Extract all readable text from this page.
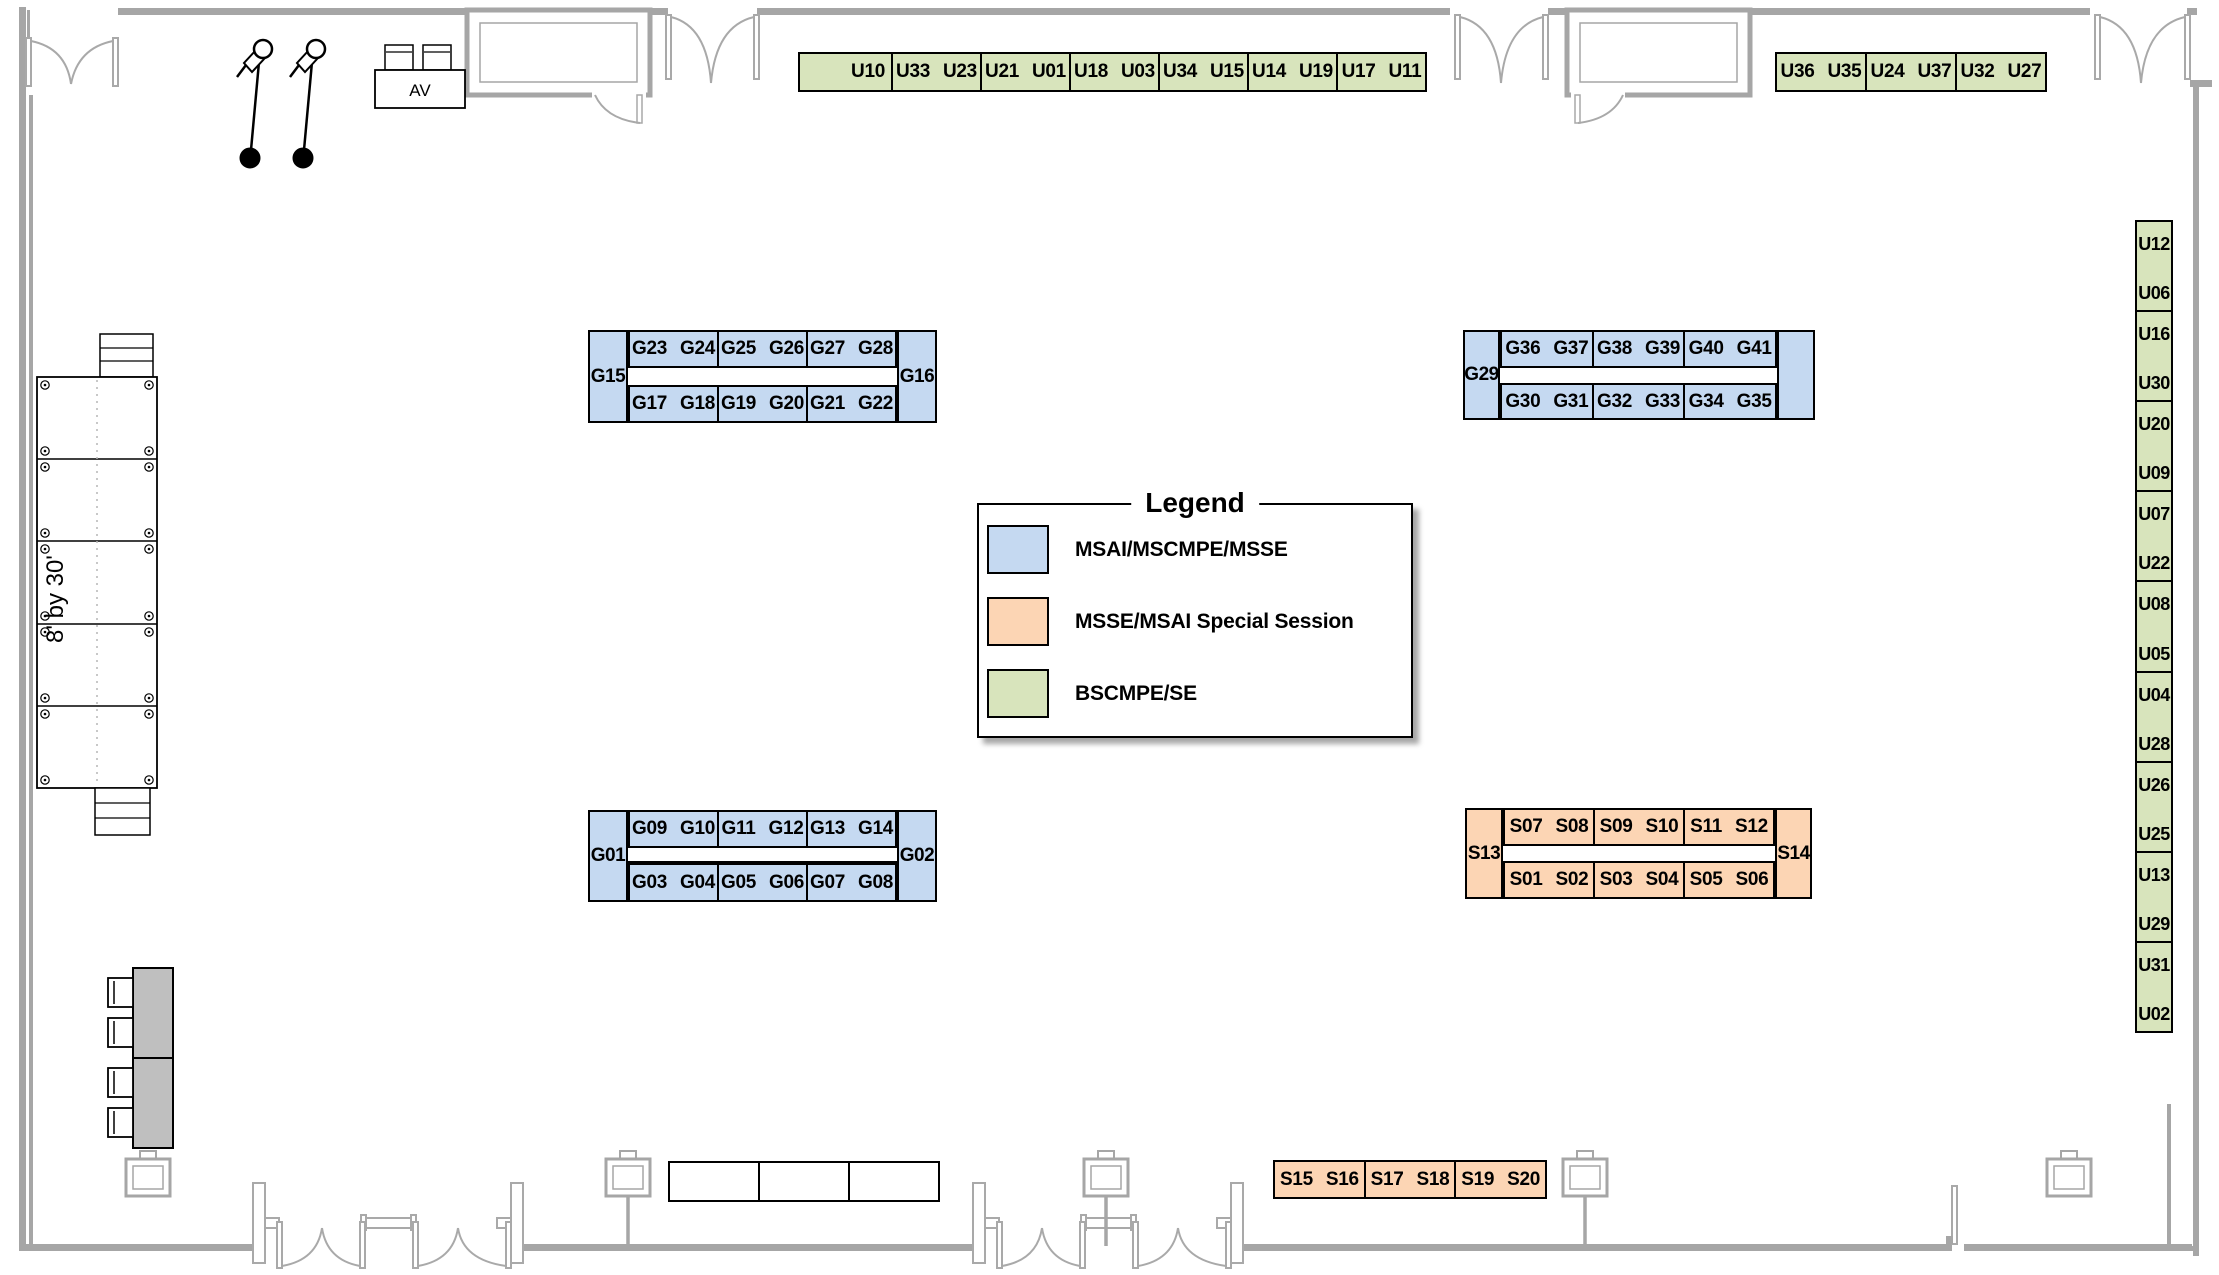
8' by 30'
AV
U10 U33 U23 U21 U01 U18 U03 U34 U15 U14 U19 U17 U11	U36 U35 U24 U37 U32 U27
U12
U06
U16
U30
U20
U09
U07
U22
U08
U05
U04
U28
U26
U25
U13
U29
U31
U02
G15	G16
G23 G24 G25 G26 G27 G28
G17 G18 G19 G20 G21 G22
G29
G36 G37 G38 G39 G40 G41
G30 G31 G32 G33 G34 G35
G01	G02
G09 G10 G11 G12 G13 G14
G03 G04 G05 G06 G07 G08
S13	S14
S07 S08 S09 S10 S11 S12
S01 S02 S03 S04 S05 S06
S15 S16 S17 S18 S19 S20
Legend
MSAI/MSCMPE/MSSE
MSSE/MSAI Special Session
BSCMPE/SE
